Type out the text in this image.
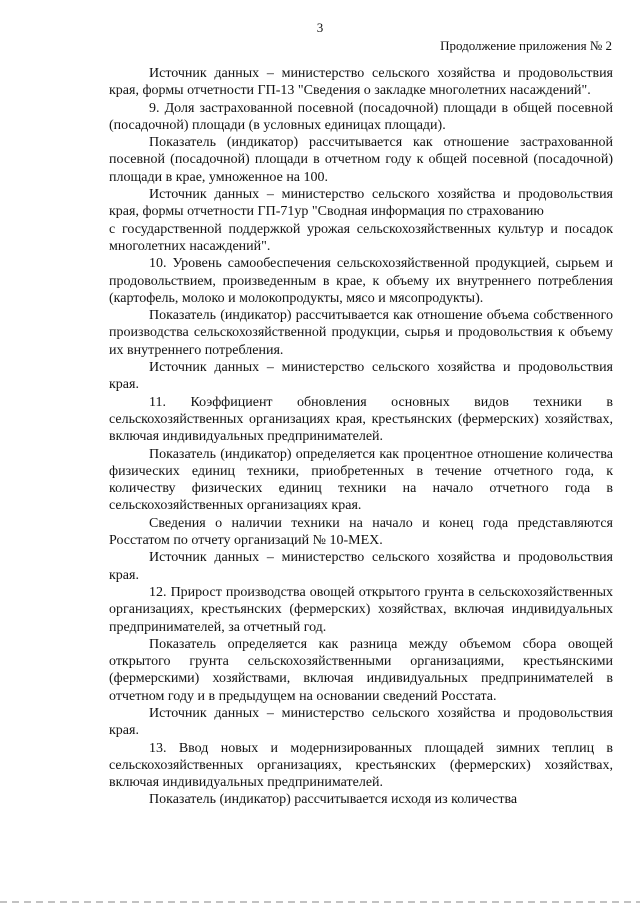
3
Продолжение приложения № 2

Источник данных – министерство сельского хозяйства и продовольствия края, формы отчетности ГП-13 "Сведения о закладке многолетних насаждений".

9. Доля застрахованной посевной (посадочной) площади в общей посевной (посадочной) площади (в условных единицах площади).

Показатель (индикатор) рассчитывается как отношение застрахованной посевной (посадочной) площади в отчетном году к общей посевной (посадочной) площади в крае, умноженное на 100.

Источник данных – министерство сельского хозяйства и продовольствия края, формы отчетности ГП-71ур "Сводная информация по страхованию

с государственной поддержкой урожая сельскохозяйственных культур и посадок многолетних насаждений".

10. Уровень самообеспечения сельскохозяйственной продукцией, сырьем и продовольствием, произведенным в крае, к объему их внутреннего потребления (картофель, молоко и молокопродукты, мясо и мясопродукты).

Показатель (индикатор) рассчитывается как отношение объема собственного производства сельскохозяйственной продукции, сырья и продовольствия к объему их внутреннего потребления.

Источник данных – министерство сельского хозяйства и продовольствия края.

11. Коэффициент обновления основных видов техники в сельскохозяйственных организациях края, крестьянских (фермерских) хозяйствах, включая индивидуальных предпринимателей.

Показатель (индикатор) определяется как процентное отношение количества физических единиц техники, приобретенных в течение отчетного года, к количеству физических единиц техники на начало отчетного года в сельскохозяйственных организациях края.

Сведения о наличии техники на начало и конец года представляются Росстатом по отчету организаций № 10-МЕХ.

Источник данных – министерство сельского хозяйства и продовольствия края.

12. Прирост производства овощей открытого грунта в сельскохозяйственных организациях, крестьянских (фермерских) хозяйствах, включая индивидуальных предпринимателей, за отчетный год.

Показатель определяется как разница между объемом сбора овощей открытого грунта сельскохозяйственными организациями, крестьянскими (фермерскими) хозяйствами, включая индивидуальных предпринимателей в отчетном году и в предыдущем на основании сведений Росстата.

Источник данных – министерство сельского хозяйства и продовольствия края.

13. Ввод новых и модернизированных площадей зимних теплиц в сельскохозяйственных организациях, крестьянских (фермерских) хозяйствах, включая индивидуальных предпринимателей.

Показатель (индикатор) рассчитывается исходя из количества
